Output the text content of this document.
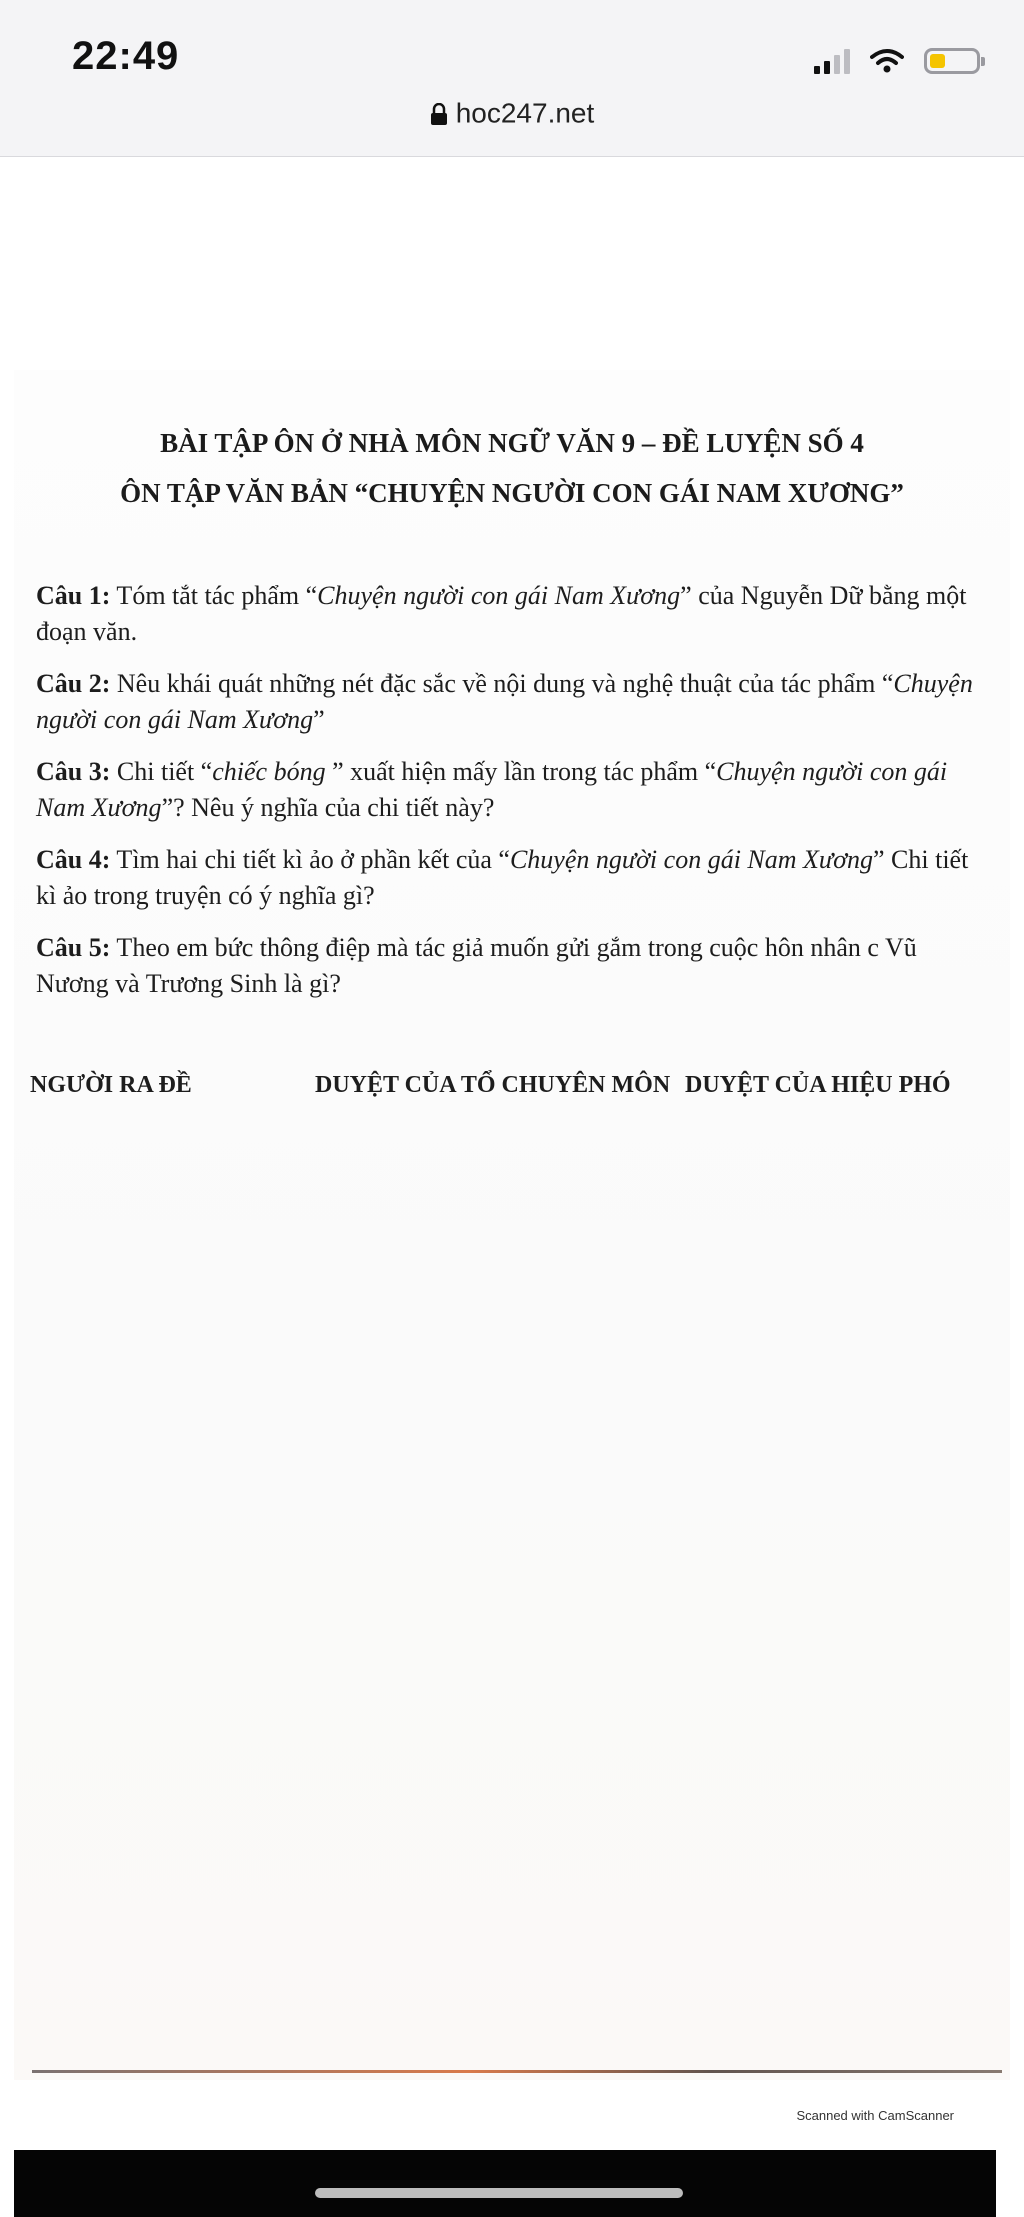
22:49
hoc247.net
BÀI TẬP ÔN Ở NHÀ MÔN NGỮ VĂN 9 – ĐỀ LUYỆN SỐ 4
ÔN TẬP VĂN BẢN “CHUYỆN NGƯỜI CON GÁI NAM XƯƠNG”
Câu 1: Tóm tắt tác phẩm “Chuyện người con gái Nam Xương” của Nguyễn Dữ bằng một đoạn văn.
Câu 2: Nêu khái quát những nét đặc sắc về nội dung và nghệ thuật của tác phẩm “Chuyện người con gái Nam Xương”
Câu 3: Chi tiết “chiếc bóng ” xuất hiện mấy lần trong tác phẩm “Chuyện người con gái Nam Xương”? Nêu ý nghĩa của chi tiết này?
Câu 4: Tìm hai chi tiết kì ảo ở phần kết của “Chuyện người con gái Nam Xương” Chi tiết kì ảo trong truyện có ý nghĩa gì?
Câu 5: Theo em bức thông điệp mà tác giả muốn gửi gắm trong cuộc hôn nhân c Vũ Nương và Trương Sinh là gì?
NGƯỜI RA ĐỀ	DUYỆT CỦA TỔ CHUYÊN MÔN DUYỆT CỦA HIỆU PHÓ
Scanned with CamScanner
